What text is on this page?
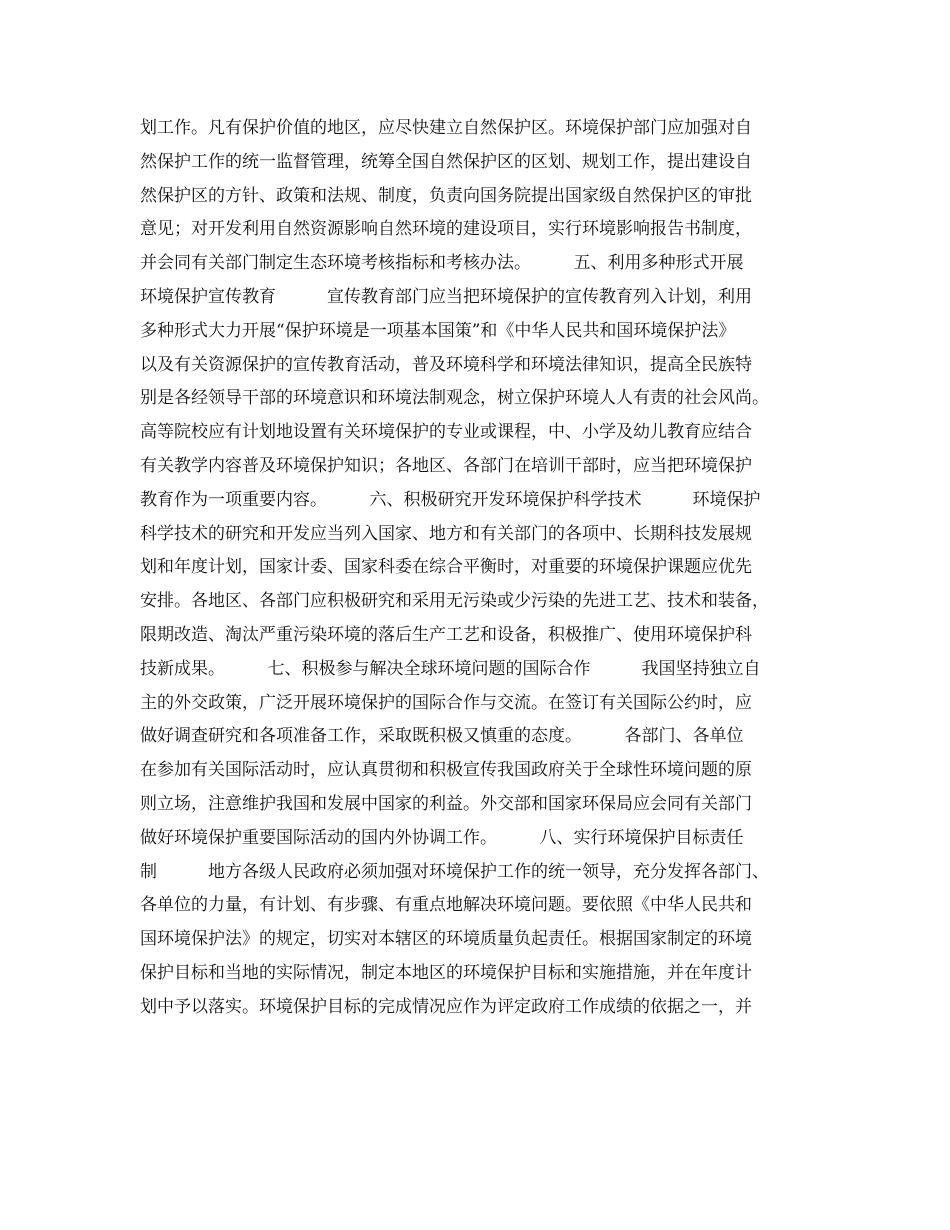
划工作。凡有保护价值的地区，应尽快建立自然保护区。环境保护部门应加强对自
然保护工作的统一监督管理，统筹全国自然保护区的区划、规划工作，提出建设自
然保护区的方针、政策和法规、制度，负责向国务院提出国家级自然保护区的审批
意见；对开发利用自然资源影响自然环境的建设项目，实行环境影响报告书制度，
并会同有关部门制定生态环境考核指标和考核办法。　　　五、利用多种形式开展
环境保护宣传教育　　　宣传教育部门应当把环境保护的宣传教育列入计划，利用
多种形式大力开展“保护环境是一项基本国策”和《中华人民共和国环境保护法》
以及有关资源保护的宣传教育活动，普及环境科学和环境法律知识，提高全民族特
别是各经领导干部的环境意识和环境法制观念，树立保护环境人人有责的社会风尚。
高等院校应有计划地设置有关环境保护的专业或课程，中、小学及幼儿教育应结合
有关教学内容普及环境保护知识；各地区、各部门在培训干部时，应当把环境保护
教育作为一项重要内容。　　　六、积极研究开发环境保护科学技术　　　环境保护
科学技术的研究和开发应当列入国家、地方和有关部门的各项中、长期科技发展规
划和年度计划，国家计委、国家科委在综合平衡时，对重要的环境保护课题应优先
安排。各地区、各部门应积极研究和采用无污染或少污染的先进工艺、技术和装备，
限期改造、淘汰严重污染环境的落后生产工艺和设备，积极推广、使用环境保护科
技新成果。　　　七、积极参与解决全球环境问题的国际合作　　　我国坚持独立自
主的外交政策，广泛开展环境保护的国际合作与交流。在签订有关国际公约时，应
做好调查研究和各项准备工作，采取既积极又慎重的态度。　　　各部门、各单位
在参加有关国际活动时，应认真贯彻和积极宣传我国政府关于全球性环境问题的原
则立场，注意维护我国和发展中国家的利益。外交部和国家环保局应会同有关部门
做好环境保护重要国际活动的国内外协调工作。　　　八、实行环境保护目标责任
制　　　地方各级人民政府必须加强对环境保护工作的统一领导，充分发挥各部门、
各单位的力量，有计划、有步骤、有重点地解决环境问题。要依照《中华人民共和
国环境保护法》的规定，切实对本辖区的环境质量负起责任。根据国家制定的环境
保护目标和当地的实际情况，制定本地区的环境保护目标和实施措施，并在年度计
划中予以落实。环境保护目标的完成情况应作为评定政府工作成绩的依据之一，并
